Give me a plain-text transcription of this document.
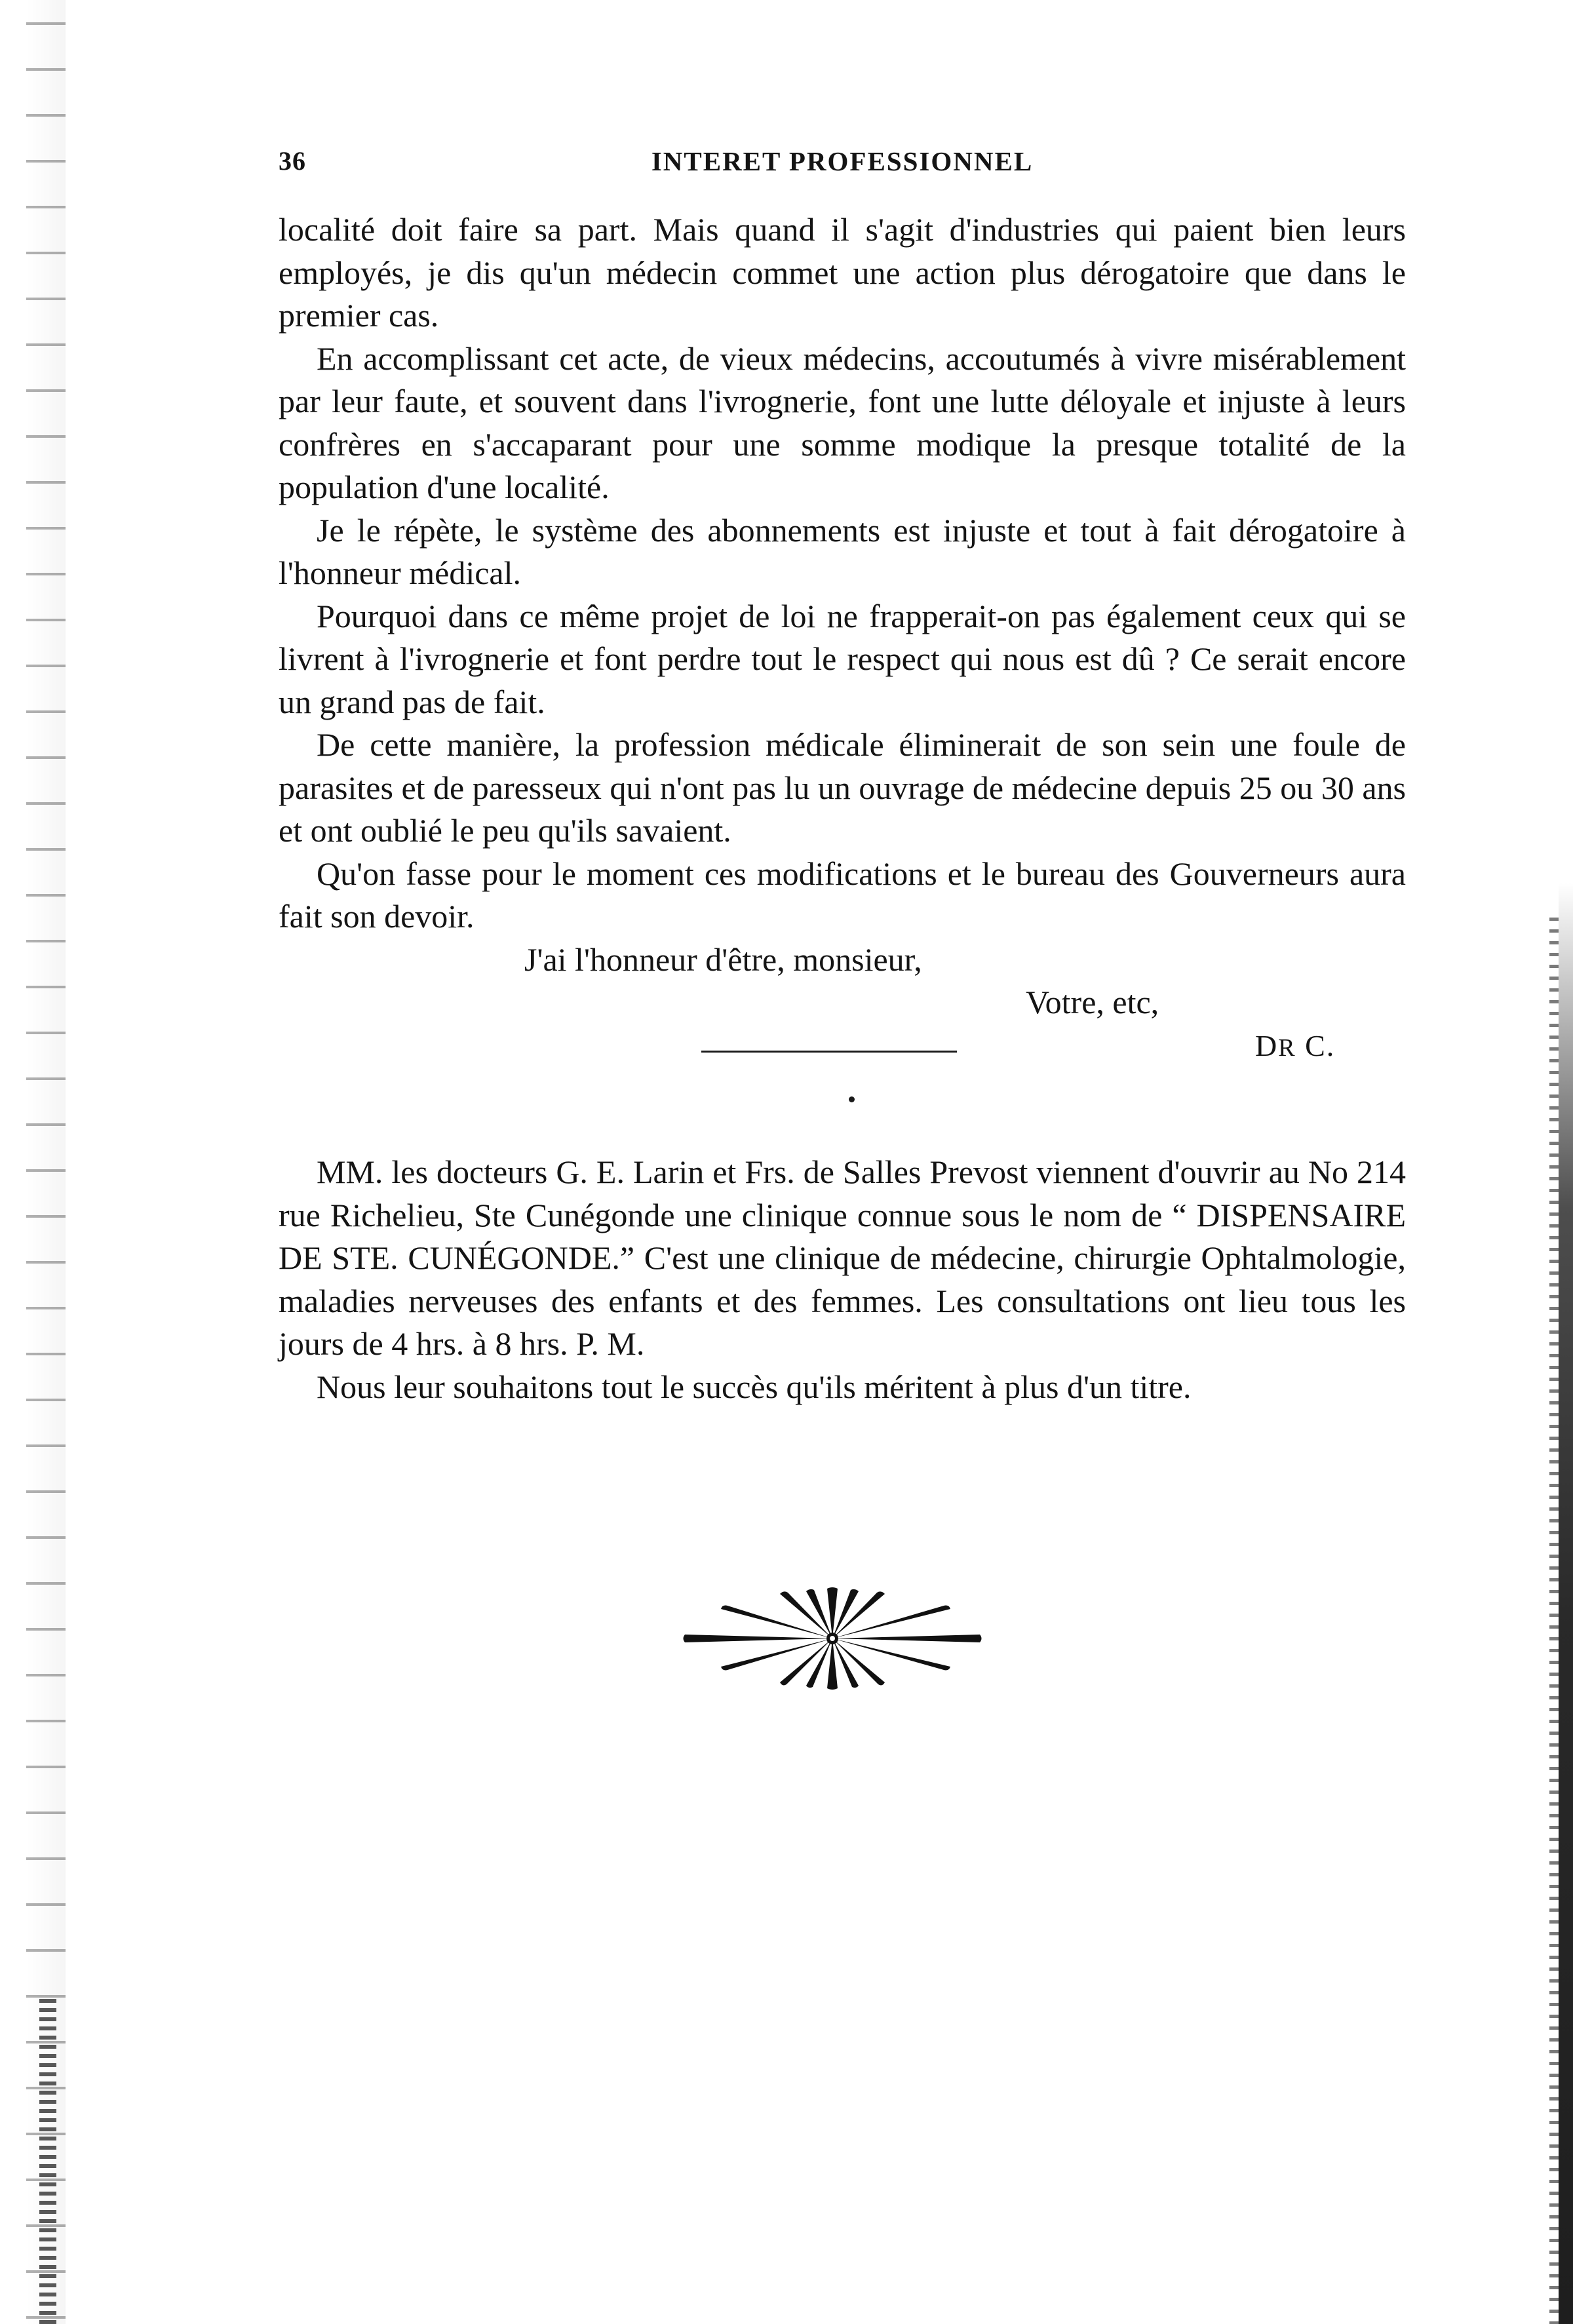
36	INTERET PROFESSIONNEL

localité doit faire sa part. Mais quand il s'agit d'industries qui paient bien leurs employés, je dis qu'un médecin commet une action plus dérogatoire que dans le premier cas.

En accomplissant cet acte, de vieux médecins, accoutumés à vivre misérablement par leur faute, et souvent dans l'ivrognerie, font une lutte déloyale et injuste à leurs confrères en s'accaparant pour une somme modique la presque totalité de la population d'une localité.

Je le répète, le système des abonnements est injuste et tout à fait dérogatoire à l'honneur médical.

Pourquoi dans ce même projet de loi ne frapperait-on pas également ceux qui se livrent à l'ivrognerie et font perdre tout le respect qui nous est dû ? Ce serait encore un grand pas de fait.

De cette manière, la profession médicale éliminerait de son sein une foule de parasites et de paresseux qui n'ont pas lu un ouvrage de médecine depuis 25 ou 30 ans et ont oublié le peu qu'ils savaient.

Qu'on fasse pour le moment ces modifications et le bureau des Gouverneurs aura fait son devoir.

J'ai l'honneur d'être, monsieur,

Votre, etc,

DR C.

MM. les docteurs G. E. Larin et Frs. de Salles Prevost viennent d'ouvrir au No 214 rue Richelieu, Ste Cunégonde une clinique connue sous le nom de “ DISPENSAIRE DE STE. CUNÉGONDE.” C'est une clinique de médecine, chirurgie Ophtalmologie, maladies nerveuses des enfants et des femmes. Les consultations ont lieu tous les jours de 4 hrs. à 8 hrs. P. M.

Nous leur souhaitons tout le succès qu'ils méritent à plus d'un titre.
